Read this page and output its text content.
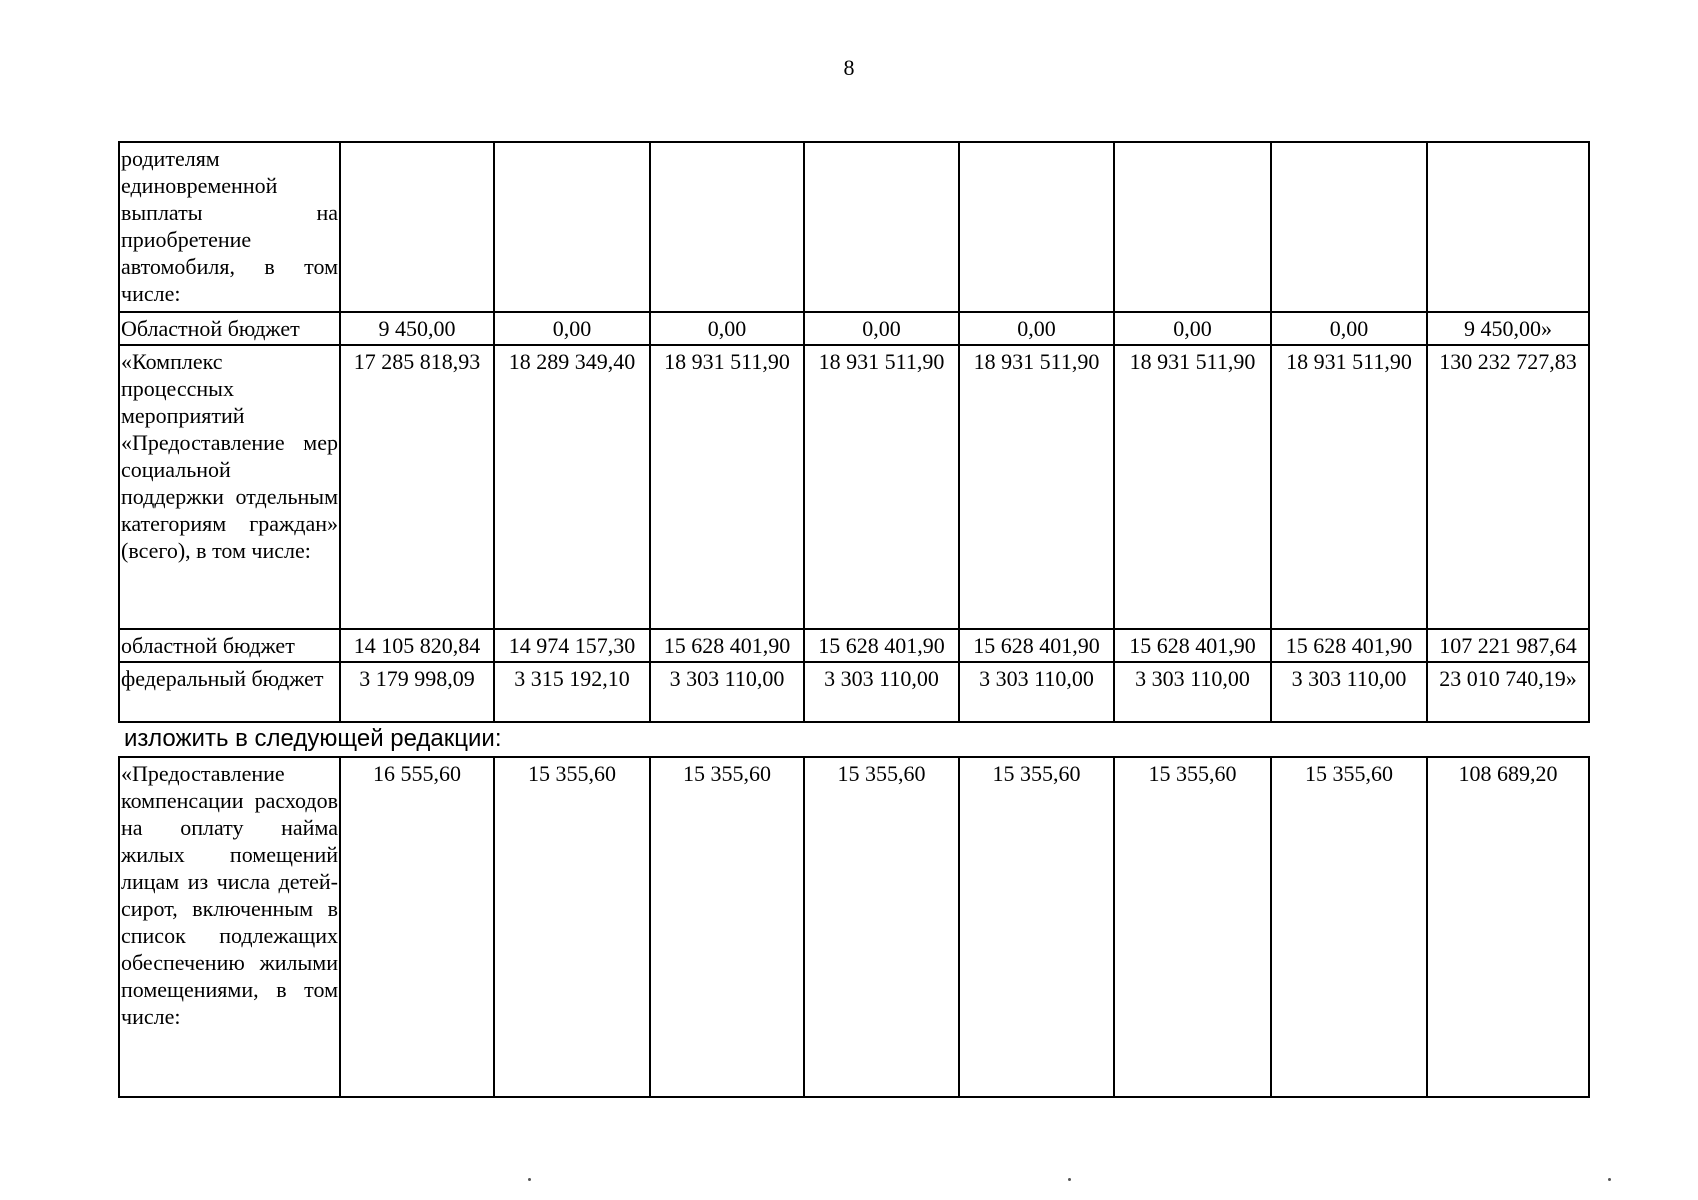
8
родителям единовременной выплаты на приобретение автомобиля, в том числе:								
Областной бюджет	9 450,00	0,00	0,00	0,00	0,00	0,00	0,00	9 450,00»
«Комплекс процессных мероприятий «Предоставление мер социальной поддержки отдельным категориям граждан» (всего), в том числе:	17 285 818,93	18 289 349,40	18 931 511,90	18 931 511,90	18 931 511,90	18 931 511,90	18 931 511,90	130 232 727,83
областной бюджет	14 105 820,84	14 974 157,30	15 628 401,90	15 628 401,90	15 628 401,90	15 628 401,90	15 628 401,90	107 221 987,64
федеральный бюджет	3 179 998,09	3 315 192,10	3 303 110,00	3 303 110,00	3 303 110,00	3 303 110,00	3 303 110,00	23 010 740,19»
изложить в следующей редакции:
«Предоставление компенсации расходов на оплату найма жилых помещений лицам из числа детей-сирот, включенным в список подлежащих обеспечению жилыми помещениями, в том числе:	16 555,60	15 355,60	15 355,60	15 355,60	15 355,60	15 355,60	15 355,60	108 689,20
